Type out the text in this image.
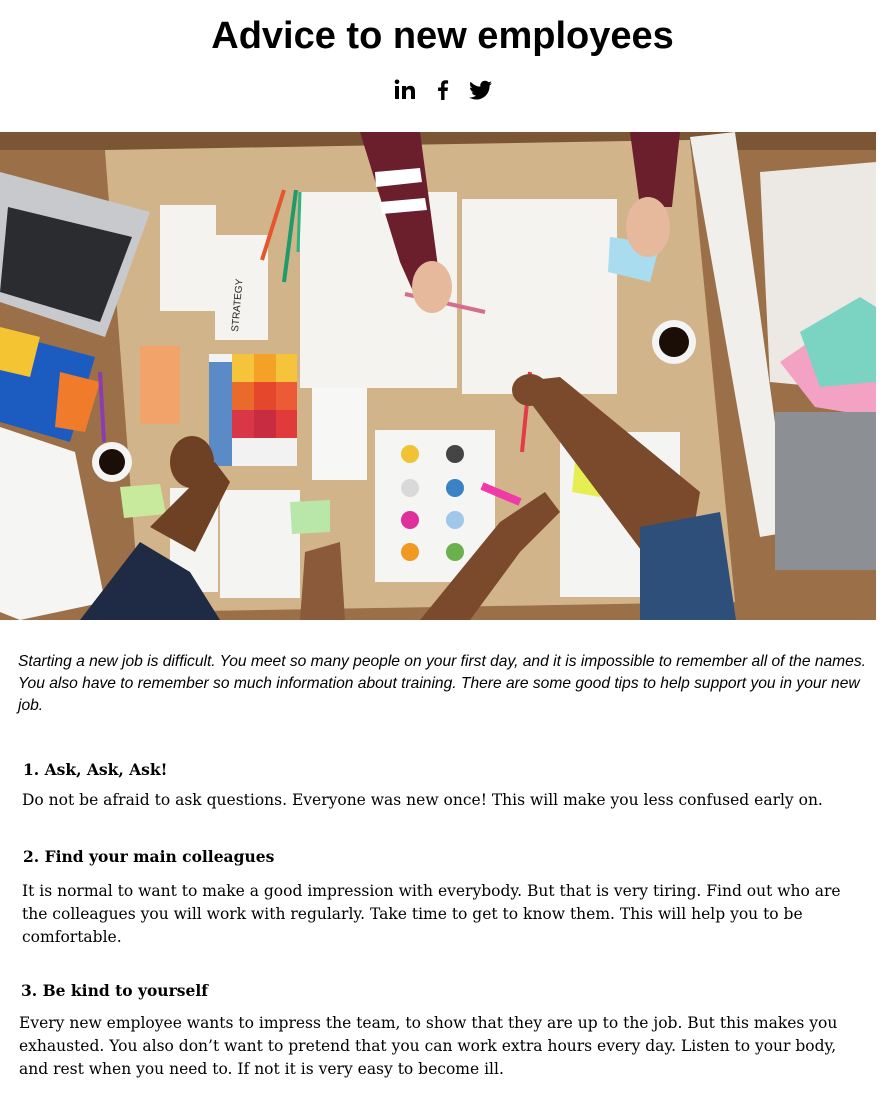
Advice to new employees
STRATEGY

Starting a new job is difficult. You meet so many people on your first day, and it is impossible to remember all of the names. You also have to remember so much information about training. There are some good tips to help support you in your new job.

1. Ask, Ask, Ask!

Do not be afraid to ask questions. Everyone was new once! This will make you less confused early on.

2. Find your main colleagues

It is normal to want to make a good impression with everybody. But that is very tiring. Find out who are the colleagues you will work with regularly. Take time to get to know them. This will help you to be comfortable.

3. Be kind to yourself

Every new employee wants to impress the team, to show that they are up to the job. But this makes you exhausted. You also don’t want to pretend that you can work extra hours every day. Listen to your body, and rest when you need to. If not it is very easy to become ill.
